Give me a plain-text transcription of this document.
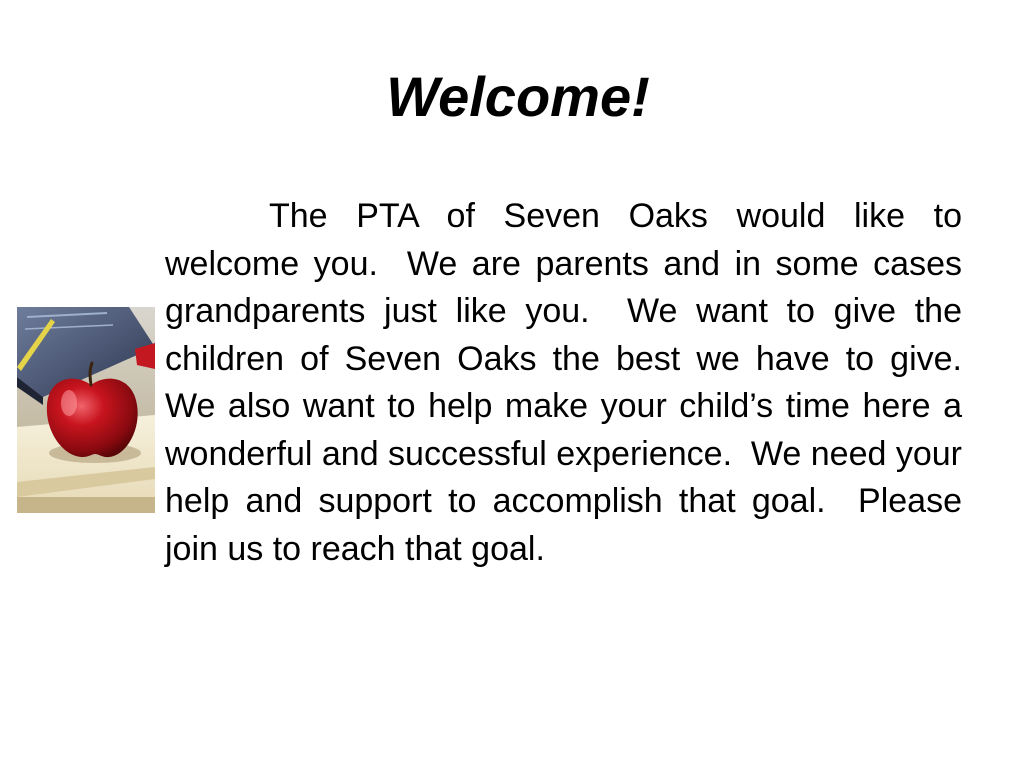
Welcome!

The PTA of Seven Oaks would like to welcome you.  We are parents and in some cases grandparents just like you.  We want to give the children of Seven Oaks the best we have to give.  We also want to help make your child’s time here a wonderful and successful experience.  We need your help and support to accomplish that goal.  Please join us to reach that goal.
